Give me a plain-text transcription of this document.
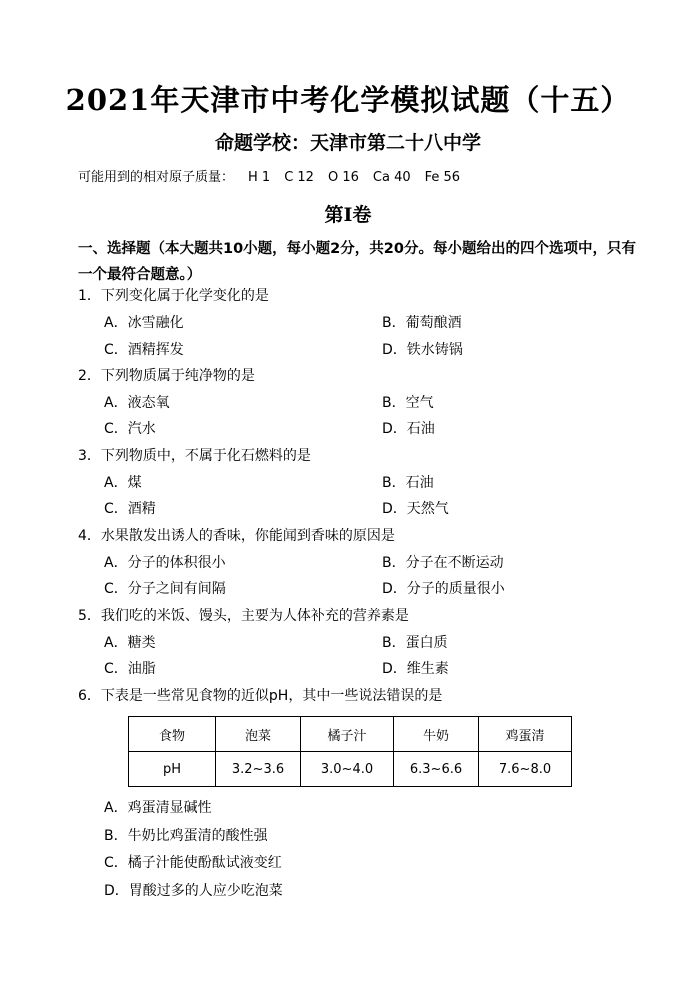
2021年天津市中考化学模拟试题（十五）
命题学校：天津市第二十八中学
可能用到的相对原子质量： H 1 C 12 O 16 Ca 40 Fe 56
第Ⅰ卷
一、选择题（本大题共10小题，每小题2分，共20分。每小题给出的四个选项中，只有一个最符合题意。）
1．下列变化属于化学变化的是
A．冰雪融化	B．葡萄酿酒
C．酒精挥发	D．铁水铸锅
2．下列物质属于纯净物的是
A．液态氧	B．空气
C．汽水	D．石油
3．下列物质中，不属于化石燃料的是
A．煤	B．石油
C．酒精	D．天然气
4．水果散发出诱人的香味，你能闻到香味的原因是
A．分子的体积很小	B．分子在不断运动
C．分子之间有间隔	D．分子的质量很小
5．我们吃的米饭、馒头，主要为人体补充的营养素是
A．糖类	B．蛋白质
C．油脂	D．维生素
6．下表是一些常见食物的近似pH，其中一些说法错误的是
食物	泡菜	橘子汁	牛奶	鸡蛋清
pH	3.2~3.6	3.0~4.0	6.3~6.6	7.6~8.0
A．鸡蛋清显碱性
B．牛奶比鸡蛋清的酸性强
C．橘子汁能使酚酞试液变红
D．胃酸过多的人应少吃泡菜
